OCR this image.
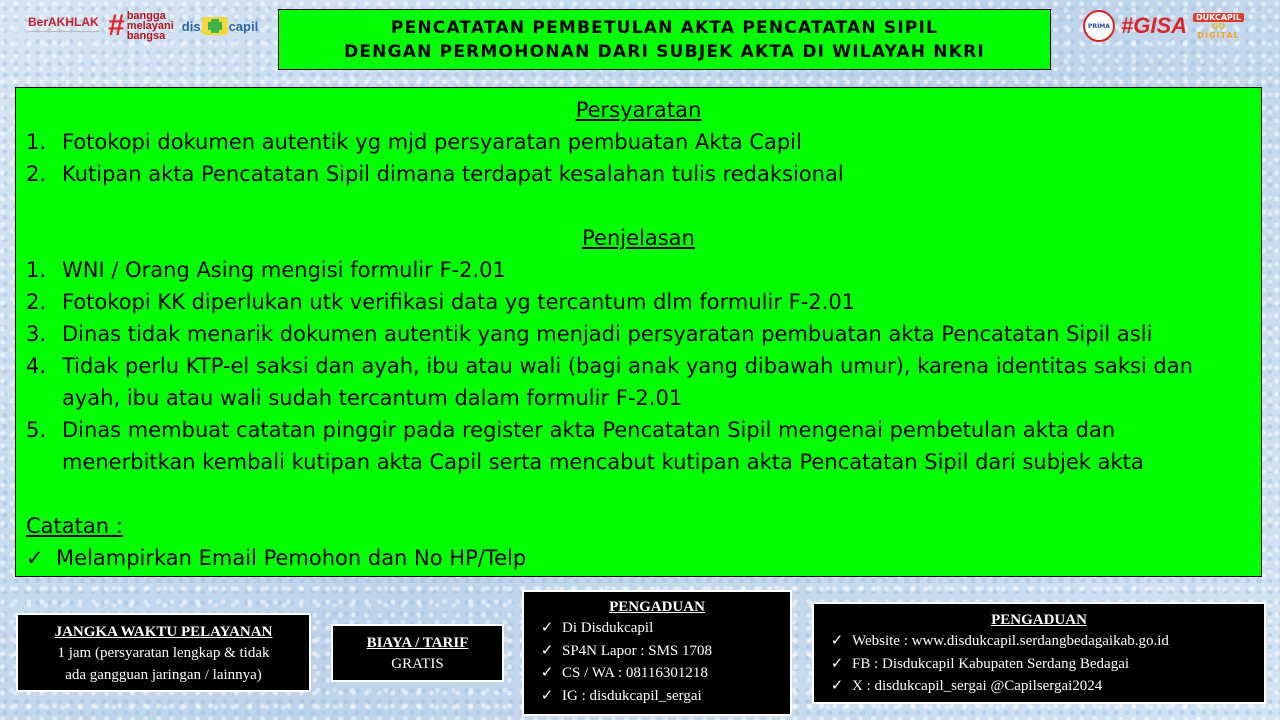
BerAKHLAK # bangga
melayani
bangsa
dis capil	PRIMA #GISA	DUKCAPIL
GO
DIGITAL
PENCATATAN PEMBETULAN AKTA PENCATATAN SIPIL
DENGAN PERMOHONAN DARI SUBJEK AKTA DI WILAYAH NKRI
Persyaratan
1. Fotokopi dokumen autentik yg mjd persyaratan pembuatan Akta Capil
2. Kutipan akta Pencatatan Sipil dimana terdapat kesalahan tulis redaksional
Penjelasan
1. WNI / Orang Asing mengisi formulir F-2.01
2. Fotokopi KK diperlukan utk verifikasi data yg tercantum dlm formulir F-2.01
3. Dinas tidak menarik dokumen autentik yang menjadi persyaratan pembuatan akta Pencatatan Sipil asli
4. Tidak perlu KTP-el saksi dan ayah, ibu atau wali (bagi anak yang dibawah umur), karena identitas saksi dan ayah, ibu atau wali sudah tercantum dalam formulir F-2.01
5. Dinas membuat catatan pinggir pada register akta Pencatatan Sipil mengenai pembetulan akta dan menerbitkan kembali kutipan akta Capil serta mencabut kutipan akta Pencatatan Sipil dari subjek akta
Catatan :
✓ Melampirkan Email Pemohon dan No HP/Telp
JANGKA WAKTU PELAYANAN
1 jam (persyaratan lengkap & tidak
ada gangguan jaringan / lainnya)
BIAYA / TARIF
GRATIS
PENGADUAN
✓ Di Disdukcapil
✓ SP4N Lapor : SMS 1708
✓ CS / WA : 08116301218
✓ IG : disdukcapil_sergai
PENGADUAN
✓ Website : www.disdukcapil.serdangbedagaikab.go.id
✓ FB : Disdukcapil Kabupaten Serdang Bedagai
✓ X : disdukcapil_sergai @Capilsergai2024
